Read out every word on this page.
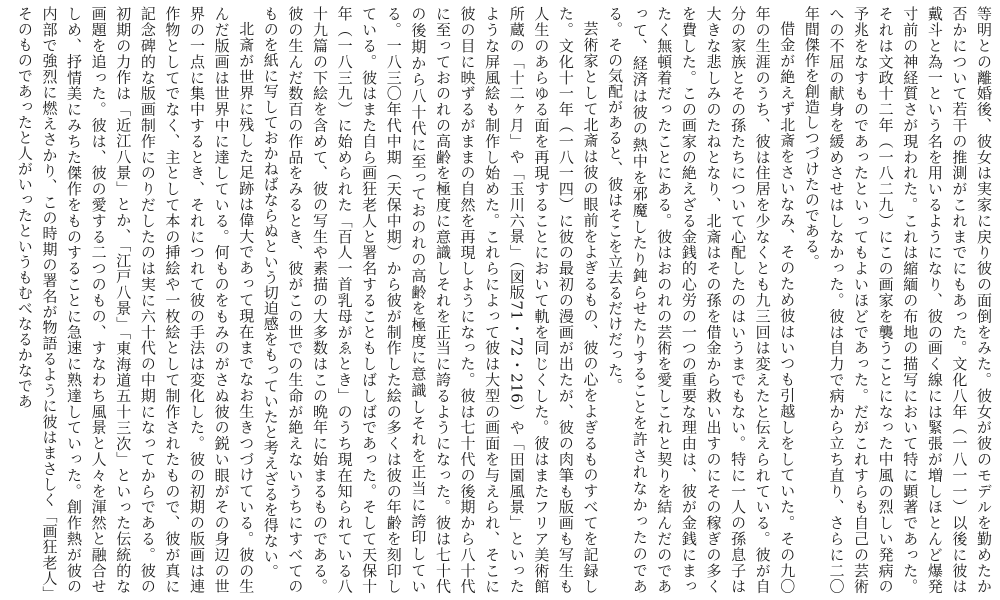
等明との離婚後、彼女は実家に戻り彼の面倒をみた。彼女が彼のモデルを勤めたか否かについて若干の推測がこれまでにもあった。文化八年（一八一一）以後に彼は戴斗と為一という名を用いるようになり、彼の画く線には緊張が増しほとんど爆発寸前の神経質さが現われた。これは縮緬の布地の描写において特に顕著であった。それは文政十二年（一八二九）にこの画家を襲うことになった中風の烈しい発病の予兆をなすものであったといってもよいほどであった。だがこれすらも自己の芸術への不屈の献身を緩めさせはしなかった。彼は自力で病から立ち直り、さらに二〇年間傑作を創造しつづけたのである。

借金が絶えず北斎をさいなみ、そのため彼はいつも引越しをしていた。その九〇年の生涯のうち、彼は住居を少なくとも九三回は変えたと伝えられている。彼が自分の家族とその孫たちについて心配したのはいうまでもない。特に一人の孫息子は大きな悲しみのたねとなり、北斎はその孫を借金から救い出すのにその稼ぎの多くを費した。この画家の絶えざる金銭的心労の一つの重要な理由は、彼が金銭にまったく無頓着だったことにある。彼はおのれの芸術を愛しこれと契りを結んだのであって、経済は彼の熱中を邪魔したり鈍らせたりすることを許されなかったのである。その気配があると、彼はそこを立去るだけだった。

芸術家として北斎は彼の眼前をよぎるもの、彼の心をよぎるものすべてを記録した。文化十一年（一八一四）に彼の最初の漫画が出たが、彼の肉筆も版画も写生も人生のあらゆる面を再現することにおいて軌を同じくした。彼はまたフリア美術館所蔵の「十二ヶ月」や「玉川六景」（図版71・72・216）や「田園風景」といったような屏風絵も制作し始めた。これらによって彼は大型の画面を与えられ、そこに彼の目に映ずるがままの自然を再現しようになった。彼は七十代の後期から八十代に至っておのれの高齢を極度に意識しそれを正当に誇るようになった。彼は七十代の後期から八十代に至っておのれの高齢を極度に意識しそれを正当に誇印している。一八三〇年代中期（天保中期）から彼が制作した絵の多くは彼の年齢を刻印している。彼はまた自ら画狂老人と署名することもしばしばであった。そして天保十年（一八三九）に始められた「百人一首乳母がゑとき」のうち現在知られている八十九篇の下絵を含めて、彼の写生や素描の大多数はこの晩年に始まるものである。彼の生んだ数百の作品をみるとき、彼がこの世での生命が絶えないうちにすべてのものを紙に写しておかねばならぬという切迫感をもっていたと考えざるを得ない。

北斎が世界に残した足跡は偉大であって現在までなお生きつづけている。彼の生んだ版画は世界中に達している。何ものをもみのがさぬ彼の鋭い眼がその身辺の世界の一点に集中するとき、それにつれて彼の手法は変化した。彼の初期の版画は連作物としてでなく、主として本の挿絵や一枚絵として制作されたもので、彼が真に記念碑的な版画制作にのりだしたのは実に六十代の中期になってからである。彼の初期の力作は「近江八景」とか、「江戸八景」「東海道五十三次」といった伝統的な画題を追った。彼は、彼の愛する二つのもの、すなわち風景と人々を渾然と融合せしめ、抒情美にみちた傑作をものすることに急速に熟達していった。創作熱が彼の内部で強烈に燃えさかり、この時期の署名が物語るように彼はまさしく「画狂老人」そのものであったと人がいったというもむべなるかなであ
